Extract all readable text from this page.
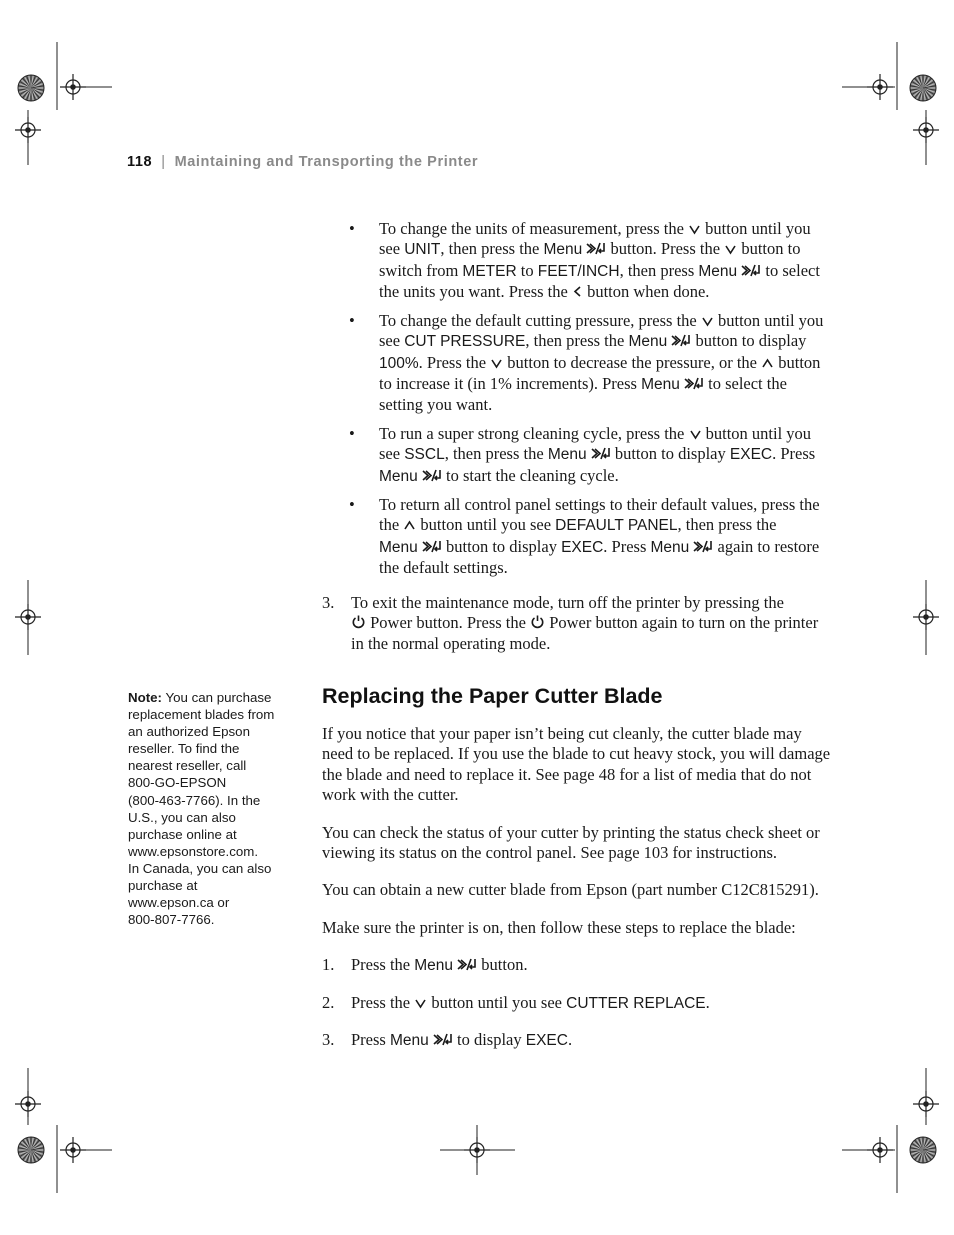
118 | Maintaining and Transporting the Printer
• To change the units of measurement, press the  button until you
see UNIT, then press the Menu  button. Press the  button to
switch from METER to FEET/INCH, then press Menu  to select
the units you want. Press the  button when done.
• To change the default cutting pressure, press the  button until you
see CUT PRESSURE, then press the Menu  button to display
100%. Press the  button to decrease the pressure, or the  button
to increase it (in 1% increments). Press Menu  to select the
setting you want.
• To run a super strong cleaning cycle, press the  button until you
see SSCL, then press the Menu  button to display EXEC. Press
Menu  to start the cleaning cycle.
• To return all control panel settings to their default values, press the
the  button until you see DEFAULT PANEL, then press the
Menu  button to display EXEC. Press Menu  again to restore
the default settings.
3. To exit the maintenance mode, turn off the printer by pressing the
Power button. Press the  Power button again to turn on the printer
in the normal operating mode.
Replacing the Paper Cutter Blade
If you notice that your paper isn’t being cut cleanly, the cutter blade may
need to be replaced. If you use the blade to cut heavy stock, you will damage
the blade and need to replace it. See page 48 for a list of media that do not
work with the cutter.
You can check the status of your cutter by printing the status check sheet or
viewing its status on the control panel. See page 103 for instructions.
You can obtain a new cutter blade from Epson (part number C12C815291).
Make sure the printer is on, then follow these steps to replace the blade:
1. Press the Menu  button.
2. Press the  button until you see CUTTER REPLACE.
3. Press Menu  to display EXEC.
Note: You can purchase
replacement blades from
an authorized Epson
reseller. To find the
nearest reseller, call
800-GO-EPSON
(800-463-7766). In the
U.S., you can also
purchase online at
www.epsonstore.com.
In Canada, you can also
purchase at
www.epson.ca or
800-807-7766.
